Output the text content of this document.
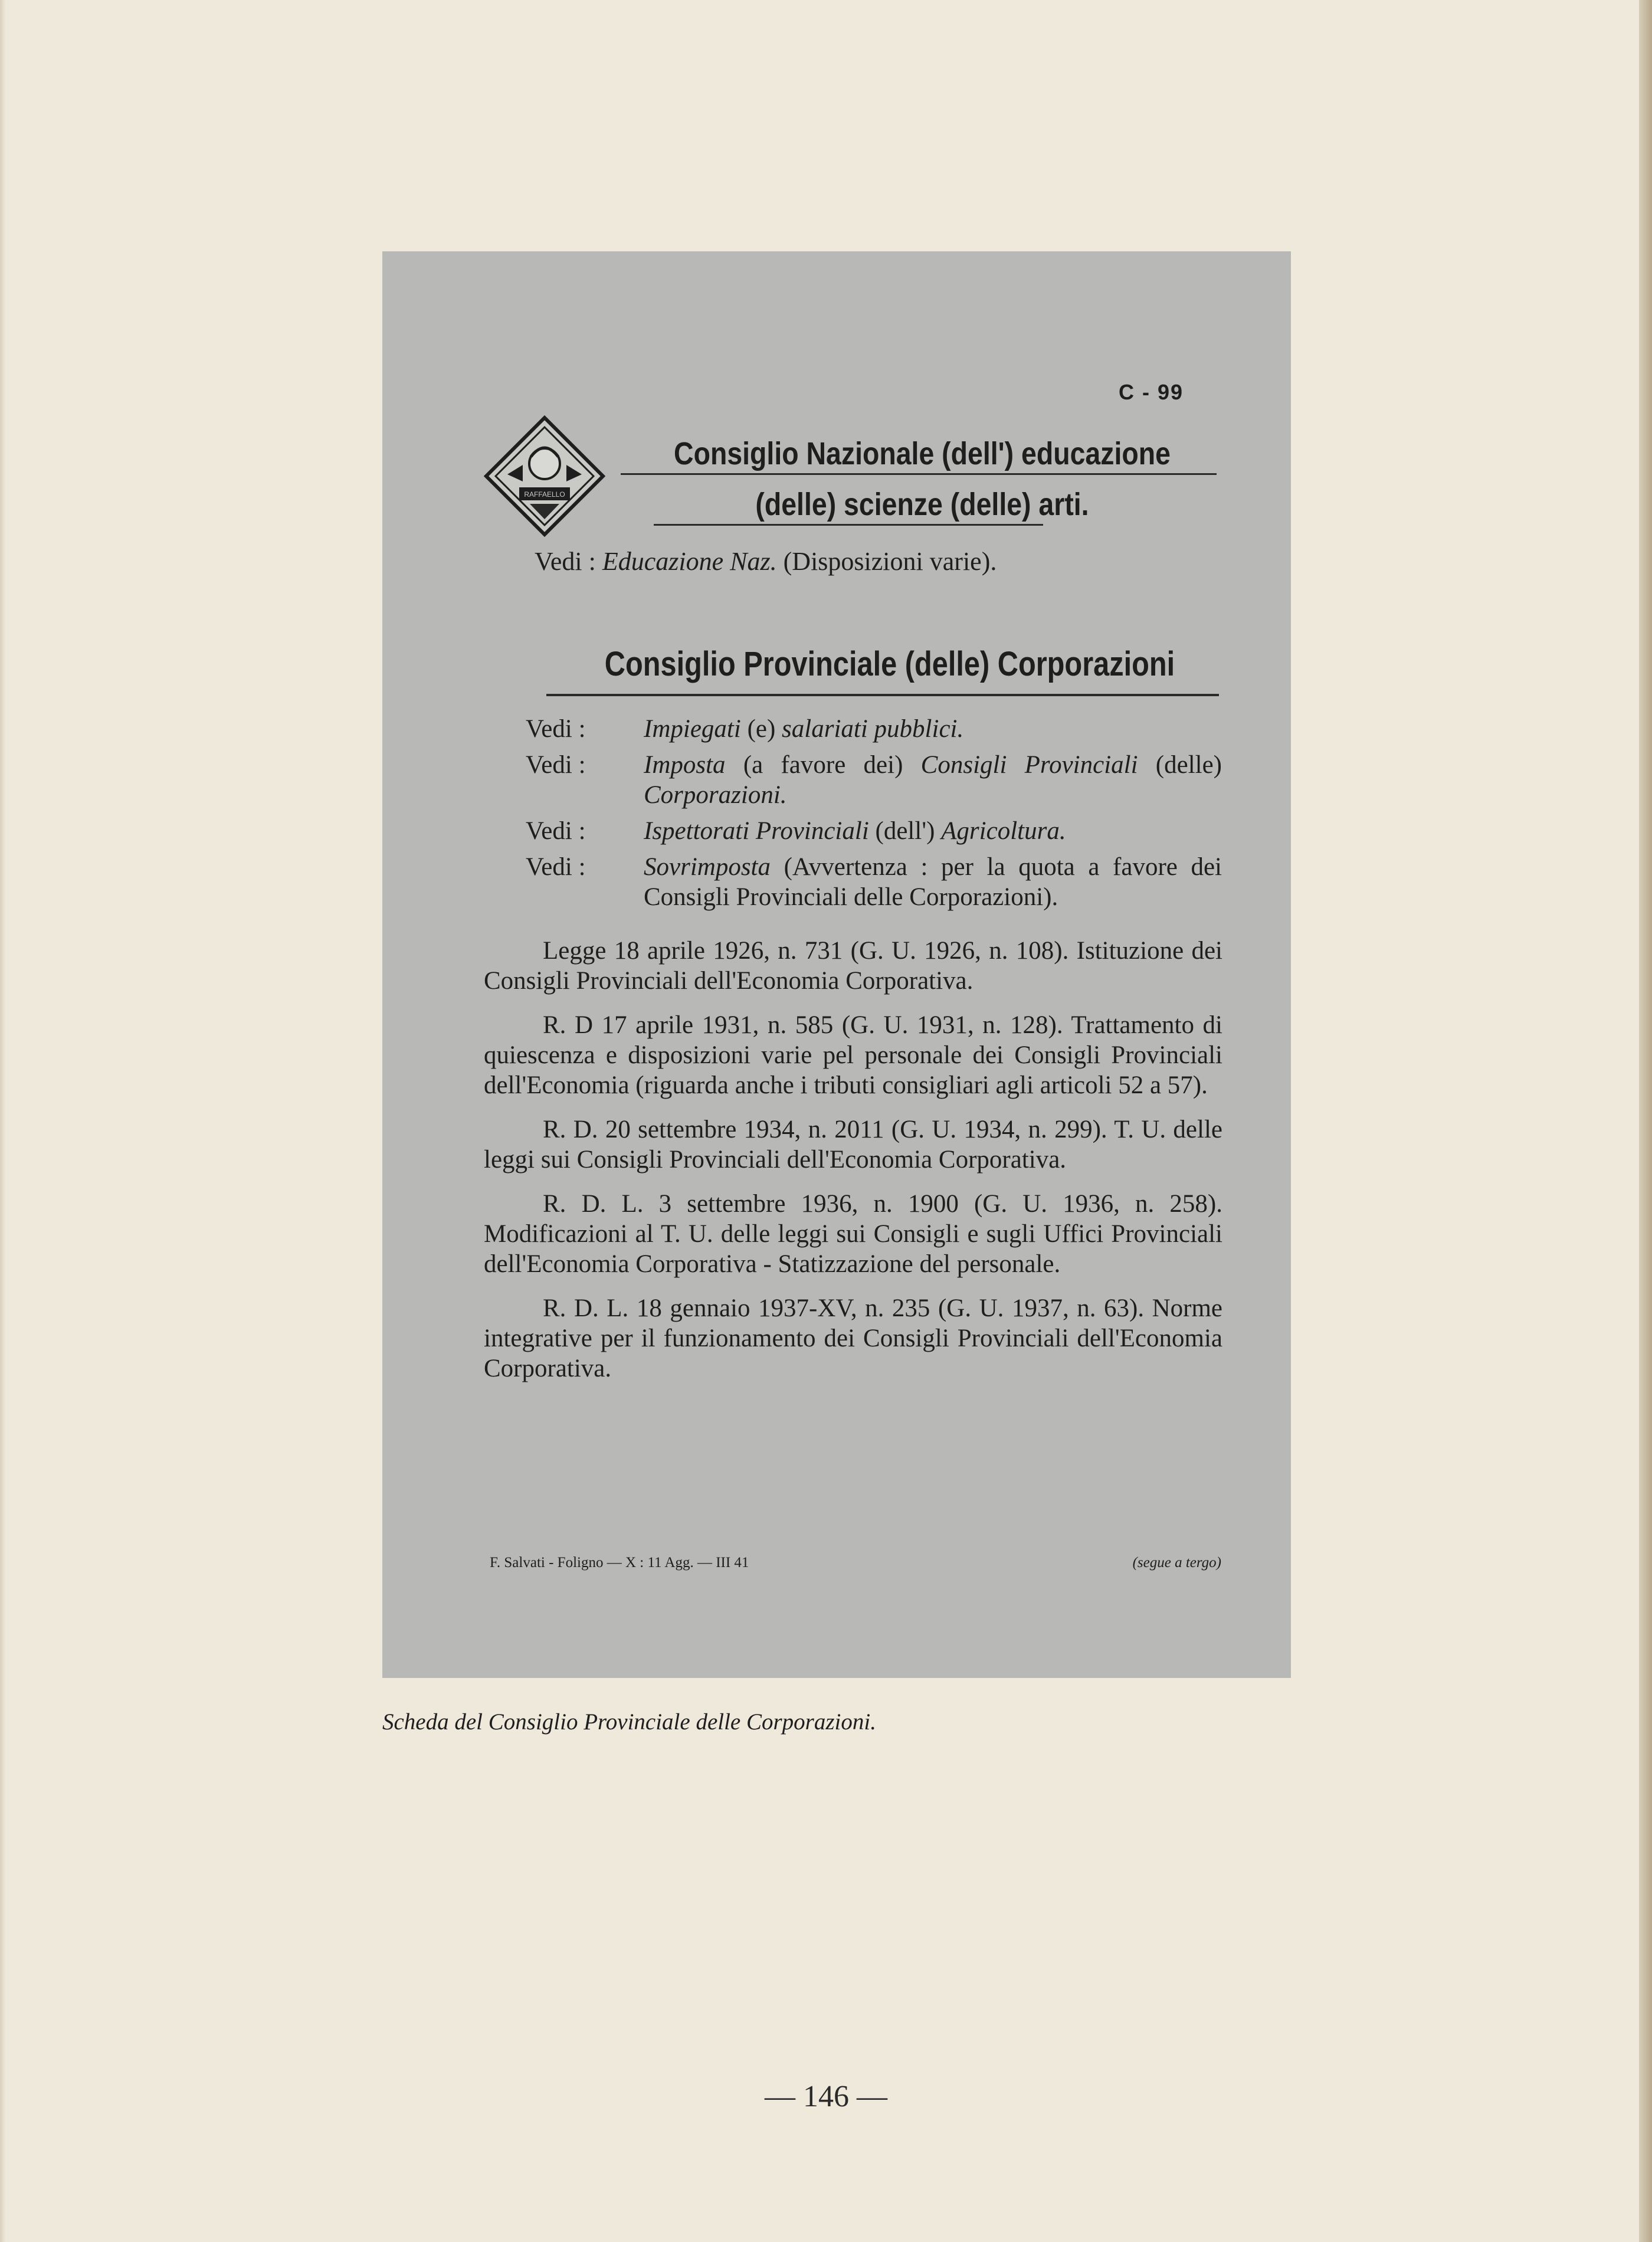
C - 99
RAFFAELLO
Consiglio Nazionale (dell') educazione
(delle) scienze (delle) arti.
Vedi : Educazione Naz. (Disposizioni varie).
Consiglio Provinciale (delle) Corporazioni
Vedi :	Impiegati (e) salariati pubblici.
Vedi :	Imposta (a favore dei) Consigli Provinciali (delle) Corporazioni.
Vedi :	Ispettorati Provinciali (dell') Agricoltura.
Vedi :	Sovrimposta (Avvertenza : per la quota a favore dei Consigli Provinciali delle Corporazioni).

Legge 18 aprile 1926, n. 731 (G. U. 1926, n. 108). Istituzione dei Consigli Provinciali dell'Economia Corporativa.

R. D 17 aprile 1931, n. 585 (G. U. 1931, n. 128). Trattamento di quiescenza e disposizioni varie pel personale dei Consigli Provinciali dell'Economia (riguarda anche i tributi consigliari agli articoli 52 a 57).

R. D. 20 settembre 1934, n. 2011 (G. U. 1934, n. 299). T. U. delle leggi sui Consigli Provinciali dell'Economia Corporativa.

R. D. L. 3 settembre 1936, n. 1900 (G. U. 1936, n. 258). Modificazioni al T. U. delle leggi sui Consigli e sugli Uffici Provinciali dell'Economia Corporativa - Statizzazione del personale.

R. D. L. 18 gennaio 1937-XV, n. 235 (G. U. 1937, n. 63). Norme integrative per il funzionamento dei Consigli Provinciali dell'Economia Corporativa.

F. Salvati - Foligno — X : 11 Agg. — III 41	(segue a tergo)
Scheda del Consiglio Provinciale delle Corporazioni.
— 146 —
